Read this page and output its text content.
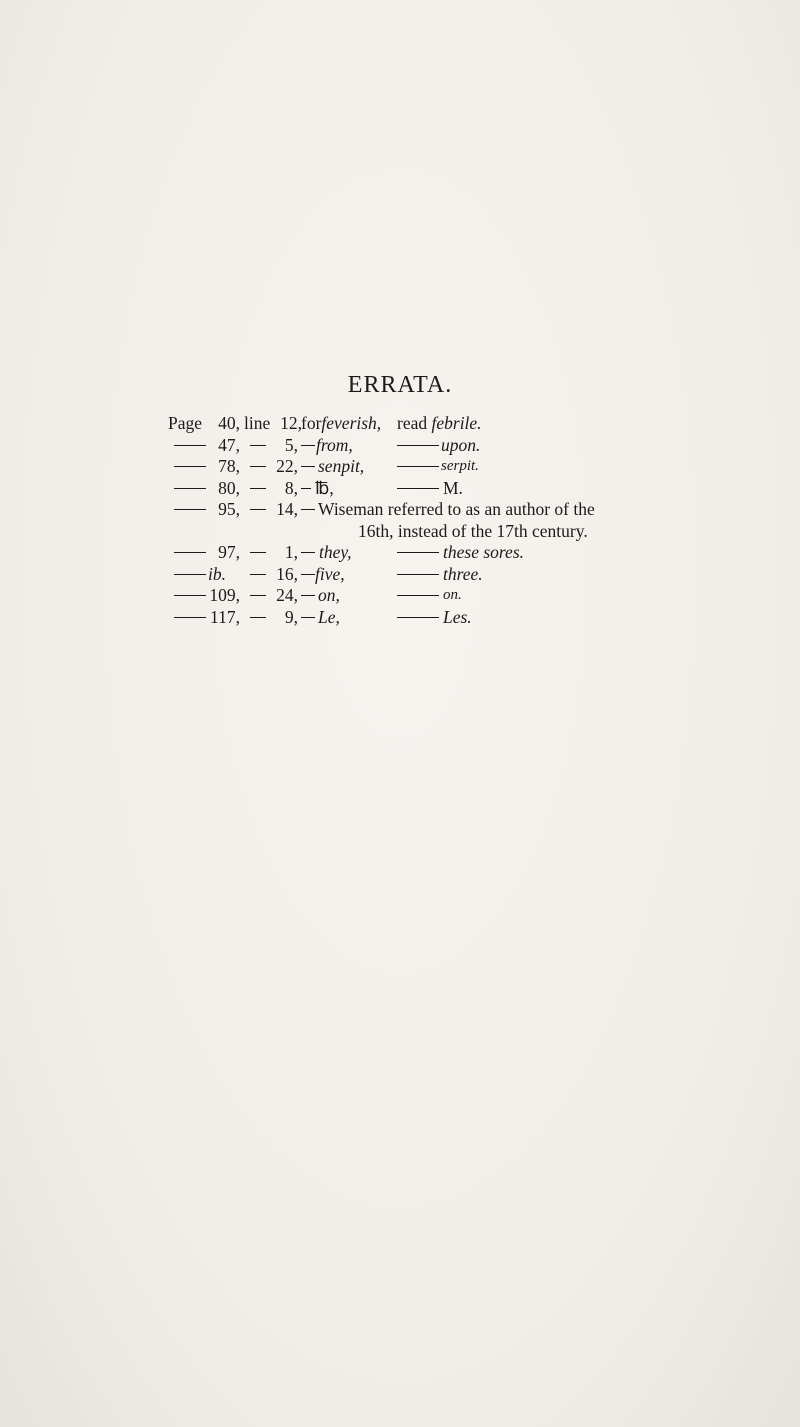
ERRATA.
Page 40, line 12, forfeverish, read febrile.
47,	5, from,	upon.
78,	22, senpit,	serpit.
80,	8, ℔,	M.
95,	14, Wiseman referred to as an author of the
16th, instead of the 17th century.
97,	1, they,	these sores.
ib.	16, five,	three.
109,	24, on,	on.
117,	9, Le,	Les.
